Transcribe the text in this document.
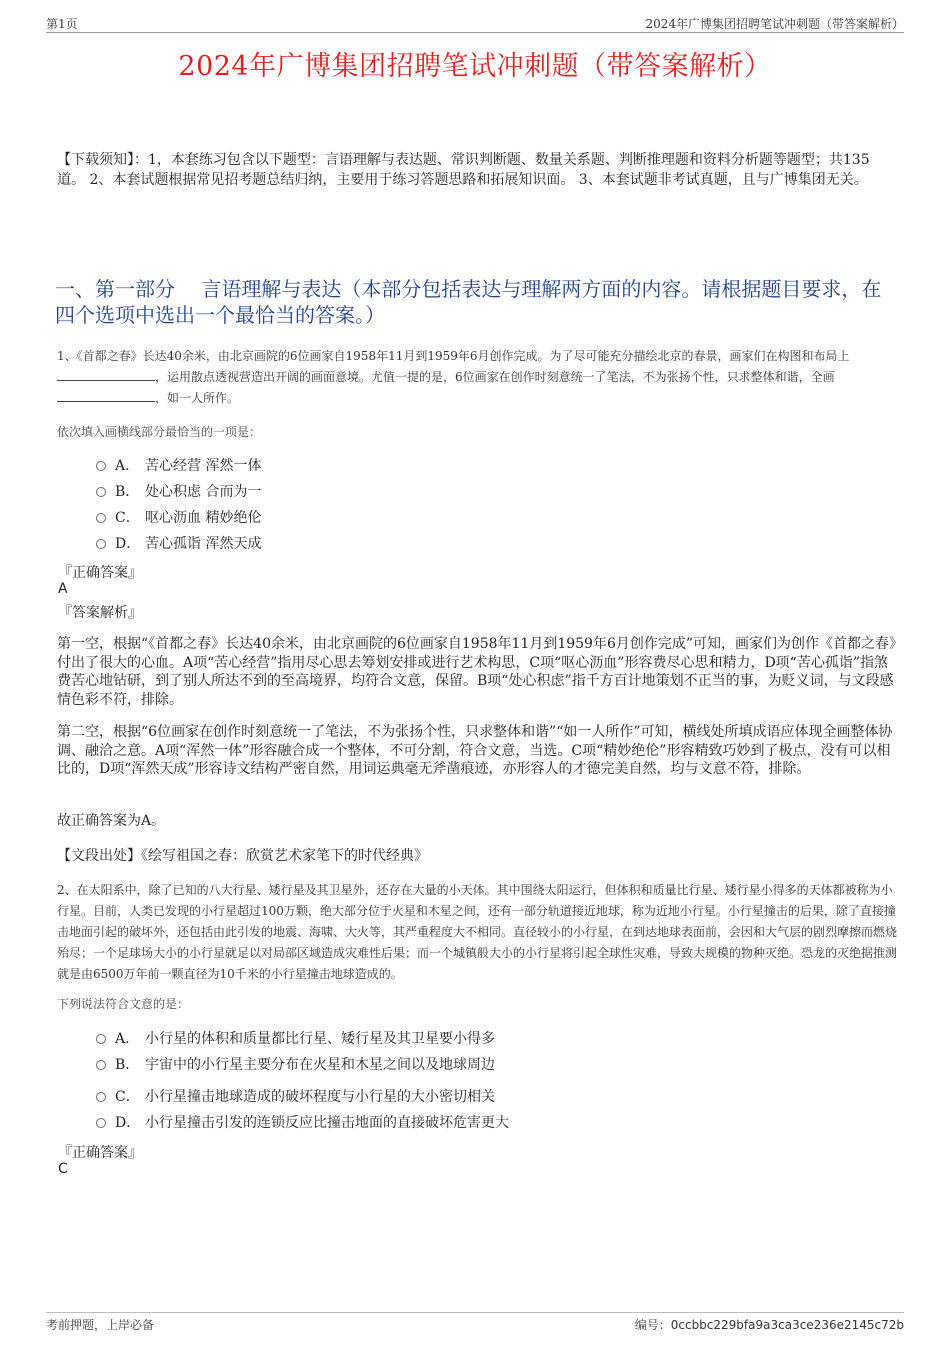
第1页	2024年广博集团招聘笔试冲刺题（带答案解析）
2024年广博集团招聘笔试冲刺题（带答案解析）

【下载须知】：1，本套练习包含以下题型：言语理解与表达题、常识判断题、数量关系题、判断推理题和资料分析题等题型；共135道。 2、本套试题根据常见招考题总结归纳，主要用于练习答题思路和拓展知识面。 3、本套试题非考试真题，且与广博集团无关。

一、第一部分　 言语理解与表达（本部分包括表达与理解两方面的内容。请根据题目要求，在四个选项中选出一个最恰当的答案。）

1、《首都之春》长达40余米，由北京画院的6位画家自1958年11月到1959年6月创作完成。为了尽可能充分描绘北京的春景，画家们在构图和布局上，运用散点透视营造出开阔的画面意境。尤值一提的是，6位画家在创作时刻意统一了笔法，不为张扬个性，只求整体和谐，全画，如一人所作。

依次填入画横线部分最恰当的一项是：

A． 苦心经营 浑然一体
B． 处心积虑 合而为一
C． 呕心沥血 精妙绝伦
D． 苦心孤诣 浑然天成
『正确答案』
A
『答案解析』

第一空，根据“《首都之春》长达40余米，由北京画院的6位画家自1958年11月到1959年6月创作完成”可知，画家们为创作《首都之春》付出了很大的心血。A项“苦心经营”指用尽心思去筹划安排或进行艺术构思，C项“呕心沥血”形容费尽心思和精力，D项“苦心孤诣”指煞费苦心地钻研，到了别人所达不到的至高境界，均符合文意，保留。B项“处心积虑”指千方百计地策划不正当的事，为贬义词，与文段感情色彩不符，排除。

第二空，根据“6位画家在创作时刻意统一了笔法，不为张扬个性，只求整体和谐”“如一人所作”可知，横线处所填成语应体现全画整体协调、融洽之意。A项“浑然一体”形容融合成一个整体，不可分割，符合文意，当选。C项“精妙绝伦”形容精致巧妙到了极点，没有可以相比的，D项“浑然天成”形容诗文结构严密自然，用词运典毫无斧凿痕迹，亦形容人的才德完美自然，均与文意不符，排除。

故正确答案为A。

【文段出处】《绘写祖国之春：欣赏艺术家笔下的时代经典》

2、在太阳系中，除了已知的八大行星、矮行星及其卫星外，还存在大量的小天体。其中围绕太阳运行，但体积和质量比行星、矮行星小得多的天体都被称为小行星。目前，人类已发现的小行星超过100万颗，绝大部分位于火星和木星之间，还有一部分轨道接近地球，称为近地小行星。小行星撞击的后果，除了直接撞击地面引起的破坏外，还包括由此引发的地震、海啸、大火等，其严重程度大不相同。直径较小的小行星，在到达地球表面前，会因和大气层的剧烈摩擦而燃烧殆尽；一个足球场大小的小行星就足以对局部区域造成灾难性后果；而一个城镇般大小的小行星将引起全球性灾难，导致大规模的物种灭绝。恐龙的灭绝据推测就是由6500万年前一颗直径为10千米的小行星撞击地球造成的。

下列说法符合文意的是：

A． 小行星的体积和质量都比行星、矮行星及其卫星要小得多
B． 宇宙中的小行星主要分布在火星和木星之间以及地球周边
C． 小行星撞击地球造成的破坏程度与小行星的大小密切相关
D． 小行星撞击引发的连锁反应比撞击地面的直接破坏危害更大
『正确答案』
C
考前押题，上岸必备	编号：0ccbbc229bfa9a3ca3ce236e2145c72b
